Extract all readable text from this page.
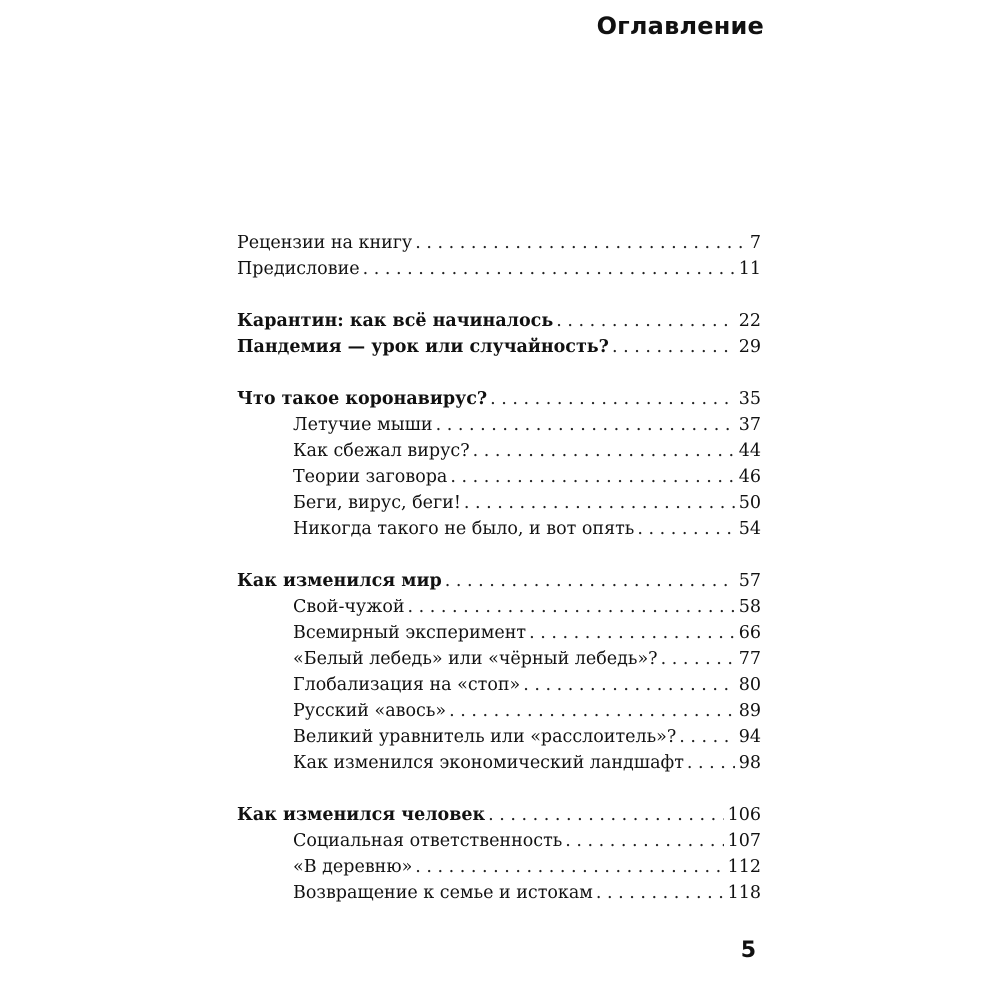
Оглавление
Рецензии на книгу . . .	7
Предисловие . . .	11
Карантин: как всё начиналось . . .	22
Пандемия — урок или случайность? . . .	29
Что такое коронавирус? . . .	35
Летучие мыши . . .	37
Как сбежал вирус? . . .	44
Теории заговора . . .	46
Беги, вирус, беги! . . .	50
Никогда такого не было, и вот опять . . .	54
Как изменился мир . . .	57
Свой-чужой . . .	58
Всемирный эксперимент . . .	66
«Белый лебедь» или «чёрный лебедь»? . . .	77
Глобализация на «стоп» . . .	80
Русский «авось» . . .	89
Великий уравнитель или «расслоитель»? . . .	94
Как изменился экономический ландшафт . . .	98
Как изменился человек . . .	106
Социальная ответственность . . .	107
«В деревню» . . .	112
Возвращение к семье и истокам . . .	118
5
